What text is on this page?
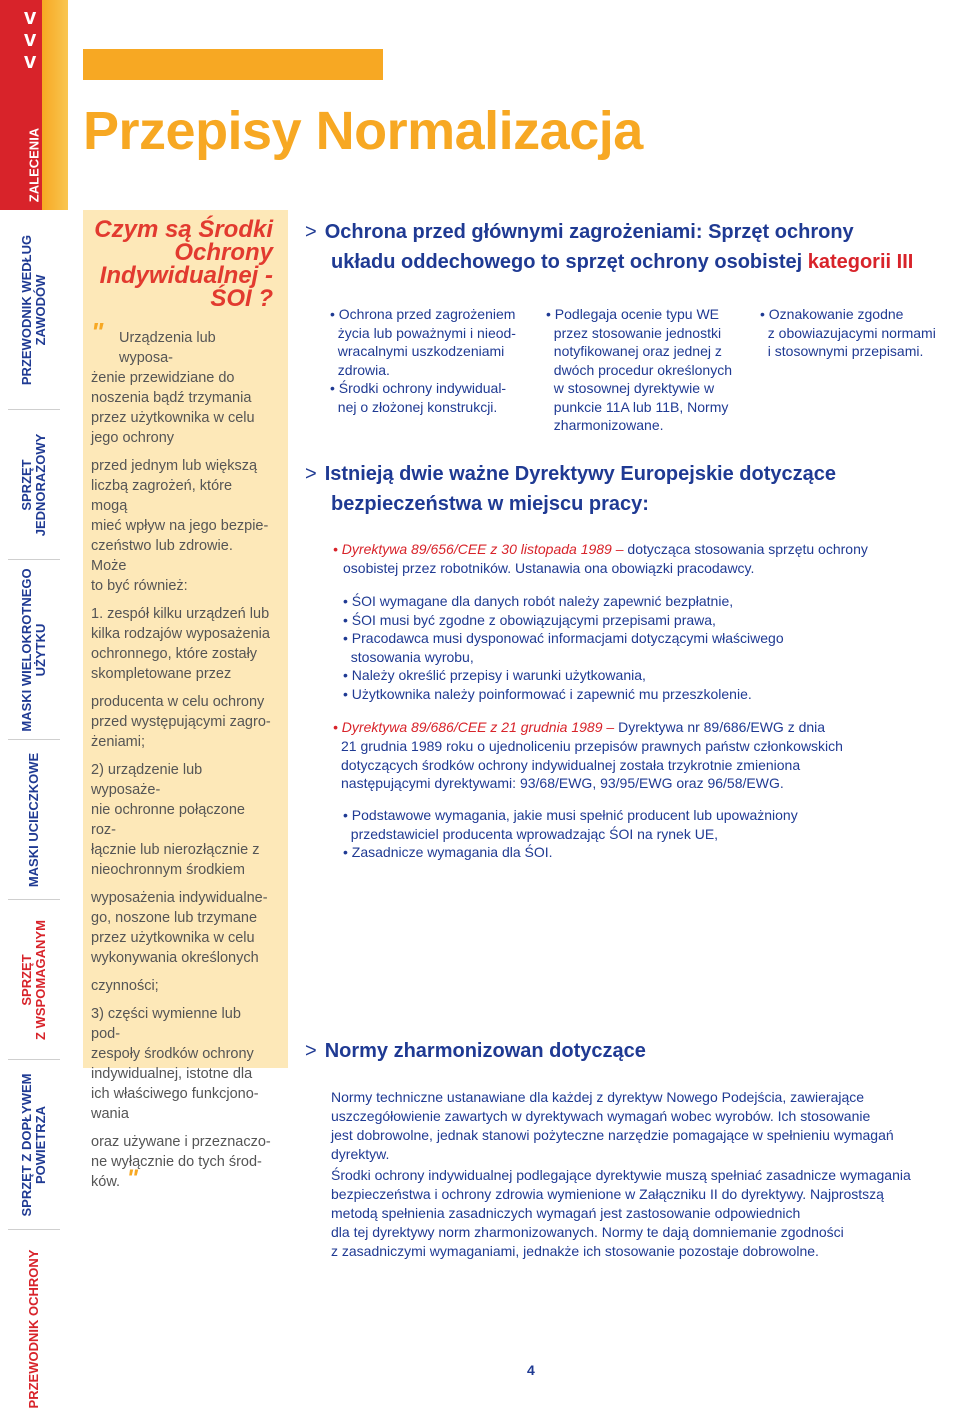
v
v
v
ZALECENIA
PRZEWODNIK WEDŁUG
ZAWODÓW
SPRZĘT
JEDNORAZOWY
MASKI WIELOKROTNEGO
UŻYTKU
MASKI UCIECZKOWE
SPRZĘT
Z WSPOMAGANYM
SPRZĘT Z DOPŁYWEM
POWIETRZA
PRZEWODNIK OCHRONY
Przepisy Normalizacja
Czym są Środki Ochrony Indywidualnej - ŚOI ?
" Urządzenia lub wyposa-
żenie przewidziane do
noszenia bądź trzymania
przez użytkownika w celu
jego ochrony
przed jednym lub większą
liczbą zagrożeń, które mogą
mieć wpływ na jego bezpie-
czeństwo lub zdrowie. Może
to być również:
1. zespół kilku urządzeń lub
kilka rodzajów wyposażenia
ochronnego, które zostały
skompletowane przez
producenta w celu ochrony
przed występującymi zagro-
żeniami;
2) urządzenie lub wyposaże-
nie ochronne połączone roz-
łącznie lub nierozłącznie z
nieochronnym środkiem
wyposażenia indywidualne-
go, noszone lub trzymane
przez użytkownika w celu
wykonywania określonych
czynności;
3) części wymienne lub pod-
zespoły środków ochrony
indywidualnej, istotne dla
ich właściwego funkcjono-
wania
oraz używane i przeznaczo-
ne wyłącznie do tych środ-
ków. "
> Ochrona przed głównymi zagrożeniami: Sprzęt ochrony
układu oddechowego to sprzęt ochrony osobistej kategorii III
• Ochrona przed zagrożeniem
życia lub poważnymi i nieod-
wracalnymi uszkodzeniami
zdrowia.
• Środki ochrony indywidual-
nej o złożonej konstrukcji.
• Podlegaja ocenie typu WE
przez stosowanie jednostki
notyfikowanej oraz jednej z
dwóch procedur określonych
w stosownej dyrektywie w
punkcie 11A lub 11B, Normy
zharmonizowane.
• Oznakowanie zgodne
z obowiazujacymi normami
i stosownymi przepisami.
> Istnieją dwie ważne Dyrektywy Europejskie dotyczące
bezpieczeństwa w miejscu pracy:
• Dyrektywa 89/656/CEE z 30 listopada 1989 – dotycząca stosowania sprzętu ochrony
osobistej przez robotników. Ustanawia ona obowiązki pracodawcy.
• ŚOI wymagane dla danych robót należy zapewnić bezpłatnie,
• ŚOI musi być zgodne z obowiązującymi przepisami prawa,
• Pracodawca musi dysponować informacjami dotyczącymi właściwego
stosowania wyrobu,
• Należy określić przepisy i warunki użytkowania,
• Użytkownika należy poinformować i zapewnić mu przeszkolenie.
• Dyrektywa 89/686/CEE z 21 grudnia 1989 – Dyrektywa nr 89/686/EWG z dnia
21 grudnia 1989 roku o ujednoliceniu przepisów prawnych państw członkowskich
dotyczących środków ochrony indywidualnej została trzykrotnie zmieniona
następującymi dyrektywami: 93/68/EWG, 93/95/EWG oraz 96/58/EWG.
• Podstawowe wymagania, jakie musi spełnić producent lub upoważniony
przedstawiciel producenta wprowadzając ŚOI na rynek UE,
• Zasadnicze wymagania dla ŚOI.
> Normy zharmonizowan dotyczące
Normy techniczne ustanawiane dla każdej z dyrektyw Nowego Podejścia, zawierające
uszczegółowienie zawartych w dyrektywach wymagań wobec wyrobów. Ich stosowanie
jest dobrowolne, jednak stanowi pożyteczne narzędzie pomagające w spełnieniu wymagań
dyrektyw.
Środki ochrony indywidualnej podlegające dyrektywie muszą spełniać zasadnicze wymagania
bezpieczeństwa i ochrony zdrowia wymienione w Załączniku II do dyrektywy. Najprostszą
metodą spełnienia zasadniczych wymagań jest zastosowanie odpowiednich
dla tej dyrektywy norm zharmonizowanych. Normy te dają domniemanie zgodności
z zasadniczymi wymaganiami, jednakże ich stosowanie pozostaje dobrowolne.
4
